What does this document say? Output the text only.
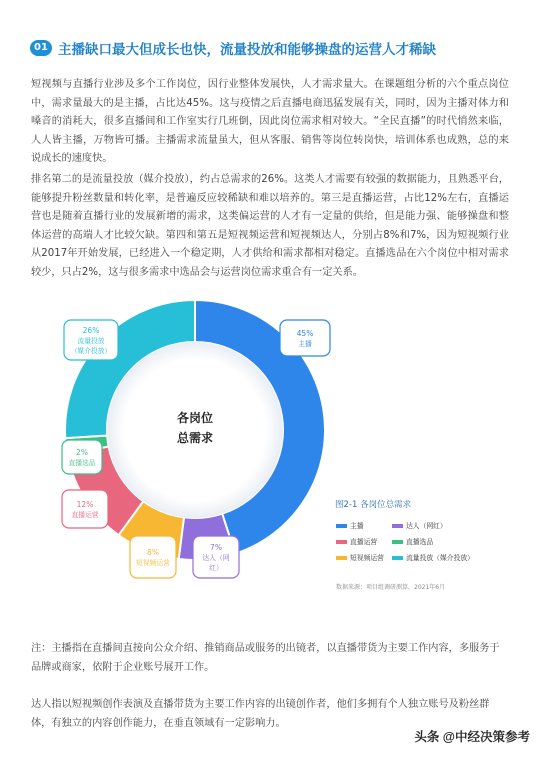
01 主播缺口最大但成长也快，流量投放和能够操盘的运营人才稀缺
短视频与直播行业涉及多个工作岗位，因行业整体发展快，人才需求量大。在课题组分析的六个重点岗位中，需求量最大的是主播，占比达45%。这与疫情之后直播电商迅猛发展有关，同时，因为主播对体力和嗓音的消耗大，很多直播间和工作室实行几班倒，因此岗位需求相对较大。“全民直播”的时代悄然来临，人人皆主播，万物皆可播。主播需求流量虽大，但从客服、销售等岗位转岗快，培训体系也成熟，总的来说成长的速度快。
排名第二的是流量投放（媒介投放），约占总需求的26%。这类人才需要有较强的数据能力，且熟悉平台，能够提升粉丝数量和转化率，是普遍反应较稀缺和难以培养的。第三是直播运营，占比12%左右，直播运营也是随着直播行业的发展新增的需求，这类偏运营的人才有一定量的供给，但是能力强、能够操盘和整体运营的高端人才比较欠缺。第四和第五是短视频运营和短视频达人，分别占8%和7%，因为短视频行业从2017年开始发展，已经进入一个稳定期，人才供给和需求都相对稳定。直播选品在六个岗位中相对需求较少，只占2%，这与很多需求中选品会与运营岗位需求重合有一定关系。
45%
主播
7%
达人（网
红）
8%
短视频运营
12%
直播运营
2%
直播选品
26%
流量投放
（媒介投放）
各岗位
总需求
图2-1 各岗位总需求
主播	达人（网红）
直播运营	直播选品
短视频运营	流量投放（媒介投放）
数据来源：项目组调研测算，2021年6月
注：主播指在直播间直接向公众介绍、推销商品或服务的出镜者，以直播带货为主要工作内容，多服务于品牌或商家，依附于企业账号展开工作。
达人指以短视频创作表演及直播带货为主要工作内容的出镜创作者，他们多拥有个人独立账号及粉丝群体，有独立的内容创作能力，在垂直领域有一定影响力。
头条 @中经决策参考
